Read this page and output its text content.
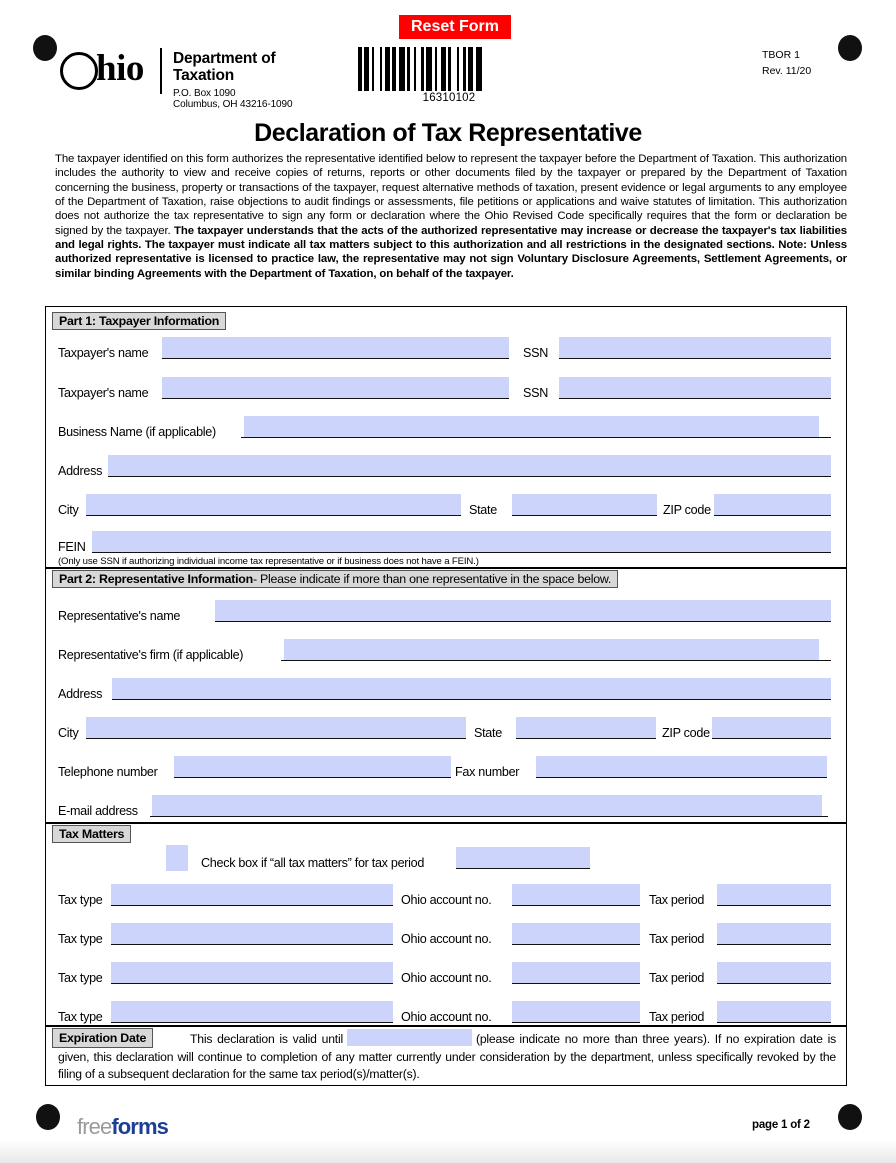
hio Department of
Taxation
P.O. Box 1090
Columbus, OH 43216-1090
Reset Form
16310102
TBOR 1
Rev. 11/20
Declaration of Tax Representative
The taxpayer identified on this form authorizes the representative identified below to represent the taxpayer before the Department of Taxation. This authorization includes the authority to view and receive copies of returns, reports or other documents filed by the taxpayer or prepared by the Department of Taxation concerning the business, property or transactions of the taxpayer, request alternative methods of taxation, present evidence or legal arguments to any employee of the Department of Taxation, raise objections to audit findings or assessments, file petitions or applications and waive statutes of limitation. This authorization does not authorize the tax representative to sign any form or declaration where the Ohio Revised Code specifically requires that the form or declaration be signed by the taxpayer. The taxpayer understands that the acts of the authorized representative may increase or decrease the taxpayer's tax liabilities and legal rights. The taxpayer must indicate all tax matters subject to this authorization and all restrictions in the designated sections. Note: Unless authorized representative is licensed to practice law, the representative may not sign Voluntary Disclosure Agreements, Settlement Agreements, or similar binding Agreements with the Department of Taxation, on behalf of the taxpayer.
Part 1: Taxpayer Information
Taxpayer's name	SSN
Taxpayer's name	SSN
Business Name (if applicable)
Address
City	State	ZIP code
FEIN
(Only use SSN if authorizing individual income tax representative or if business does not have a FEIN.)
Part 2: Representative Information - Please indicate if more than one representative in the space below.
Representative's name
Representative's firm (if applicable)
Address
City	State	ZIP code
Telephone number	Fax number
E-mail address
Tax Matters
Check box if “all tax matters” for tax period
Tax type	Ohio account no.	Tax period
Tax type	Ohio account no.	Tax period
Tax type	Ohio account no.	Tax period
Tax type	Ohio account no.	Tax period
Expiration Date	This declaration is valid until	(please indicate no more than three years). If no expiration date is given, this declaration will continue to completion of any matter currently under consideration by the department, unless specifically revoked by the filing of a subsequent declaration for the same tax period(s)/matter(s).
freeforms	page 1 of 2
